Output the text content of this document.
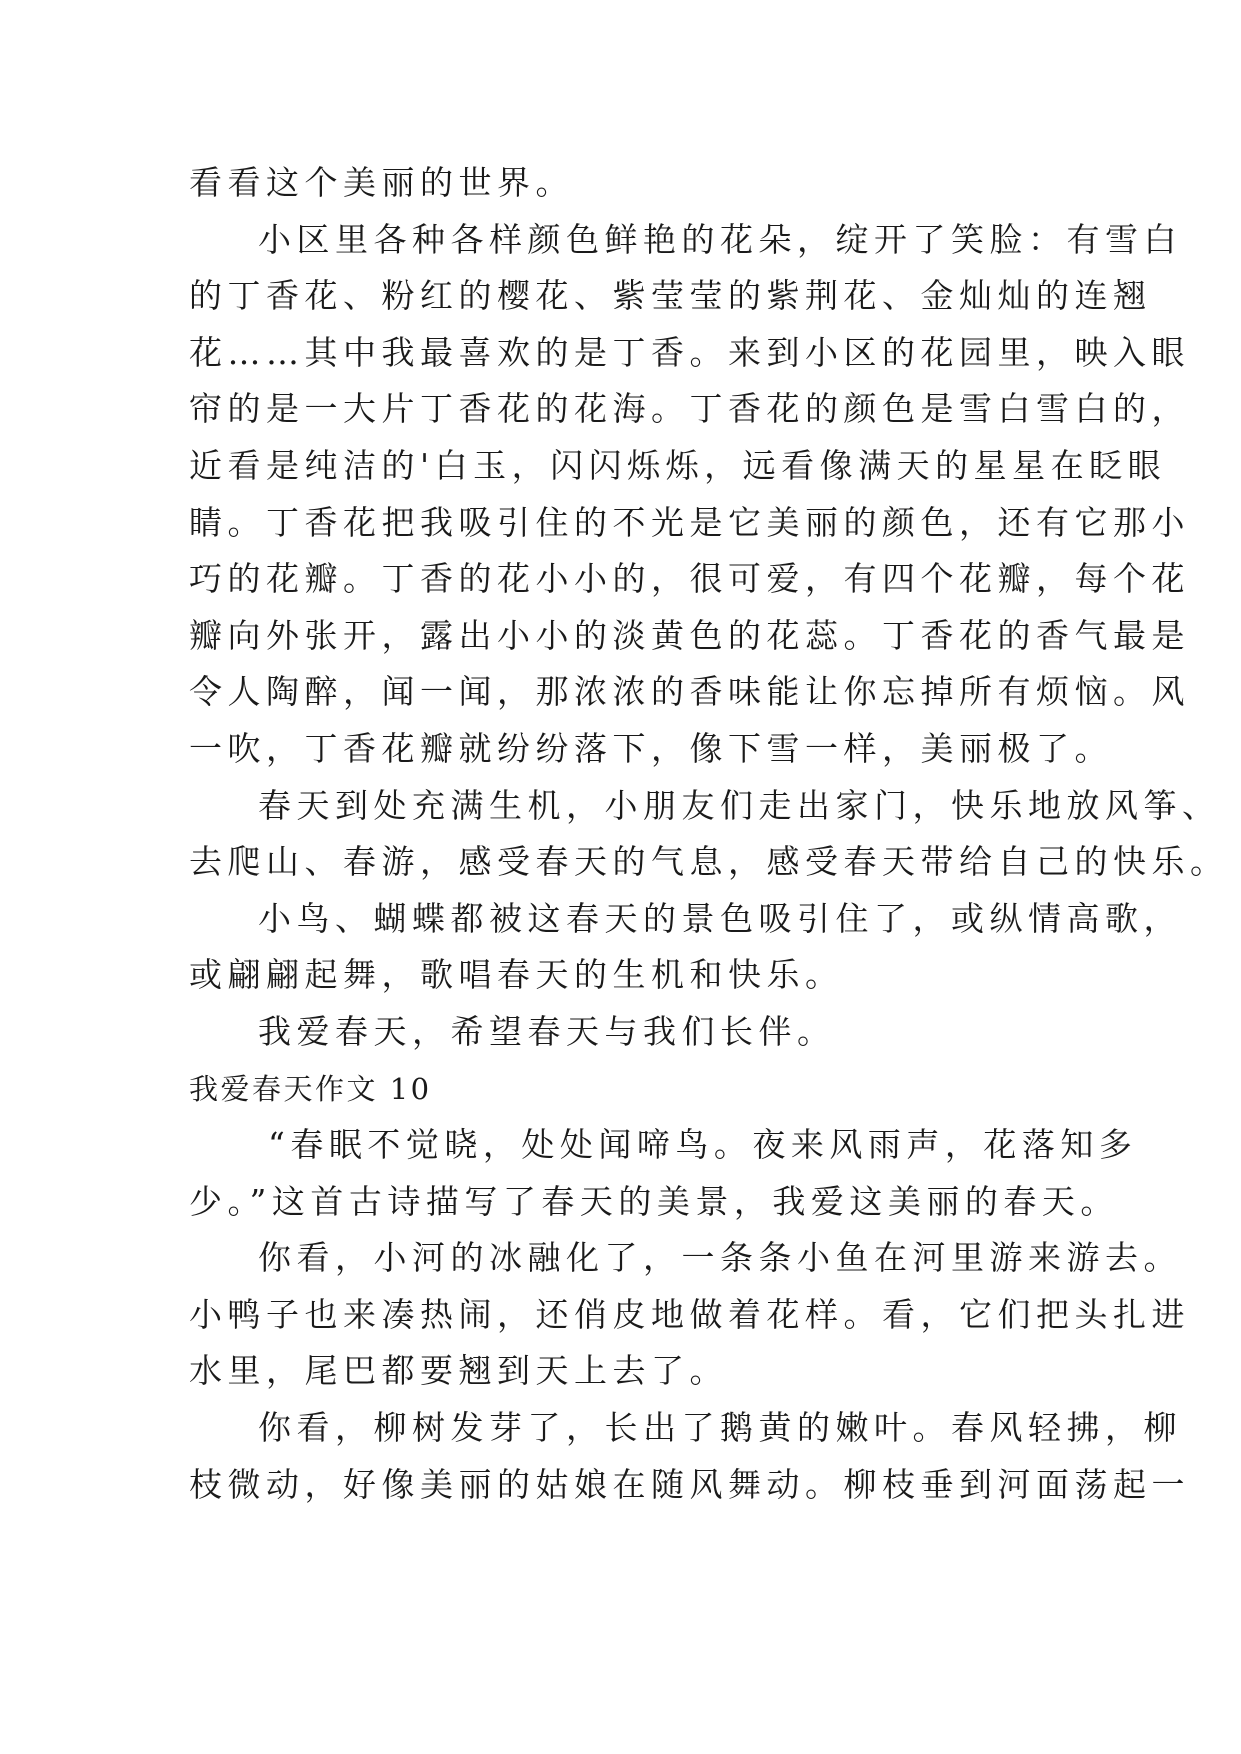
看看这个美丽的世界。
小区里各种各样颜色鲜艳的花朵，绽开了笑脸：有雪白
的丁香花、粉红的樱花、紫莹莹的紫荆花、金灿灿的连翘
花……其中我最喜欢的是丁香。来到小区的花园里，映入眼
帘的是一大片丁香花的花海。丁香花的颜色是雪白雪白的，
近看是纯洁的'白玉，闪闪烁烁，远看像满天的星星在眨眼
睛。丁香花把我吸引住的不光是它美丽的颜色，还有它那小
巧的花瓣。丁香的花小小的，很可爱，有四个花瓣，每个花
瓣向外张开，露出小小的淡黄色的花蕊。丁香花的香气最是
令人陶醉，闻一闻，那浓浓的香味能让你忘掉所有烦恼。风
一吹，丁香花瓣就纷纷落下，像下雪一样，美丽极了。
春天到处充满生机，小朋友们走出家门，快乐地放风筝、
去爬山、春游，感受春天的气息，感受春天带给自己的快乐。
小鸟、蝴蝶都被这春天的景色吸引住了，或纵情高歌，
或翩翩起舞，歌唱春天的生机和快乐。
我爱春天，希望春天与我们长伴。
我爱春天作文 10
“春眠不觉晓，处处闻啼鸟。夜来风雨声，花落知多
少。”这首古诗描写了春天的美景，我爱这美丽的春天。
你看，小河的冰融化了，一条条小鱼在河里游来游去。
小鸭子也来凑热闹，还俏皮地做着花样。看，它们把头扎进
水里，尾巴都要翘到天上去了。
你看，柳树发芽了，长出了鹅黄的嫩叶。春风轻拂，柳
枝微动，好像美丽的姑娘在随风舞动。柳枝垂到河面荡起一
